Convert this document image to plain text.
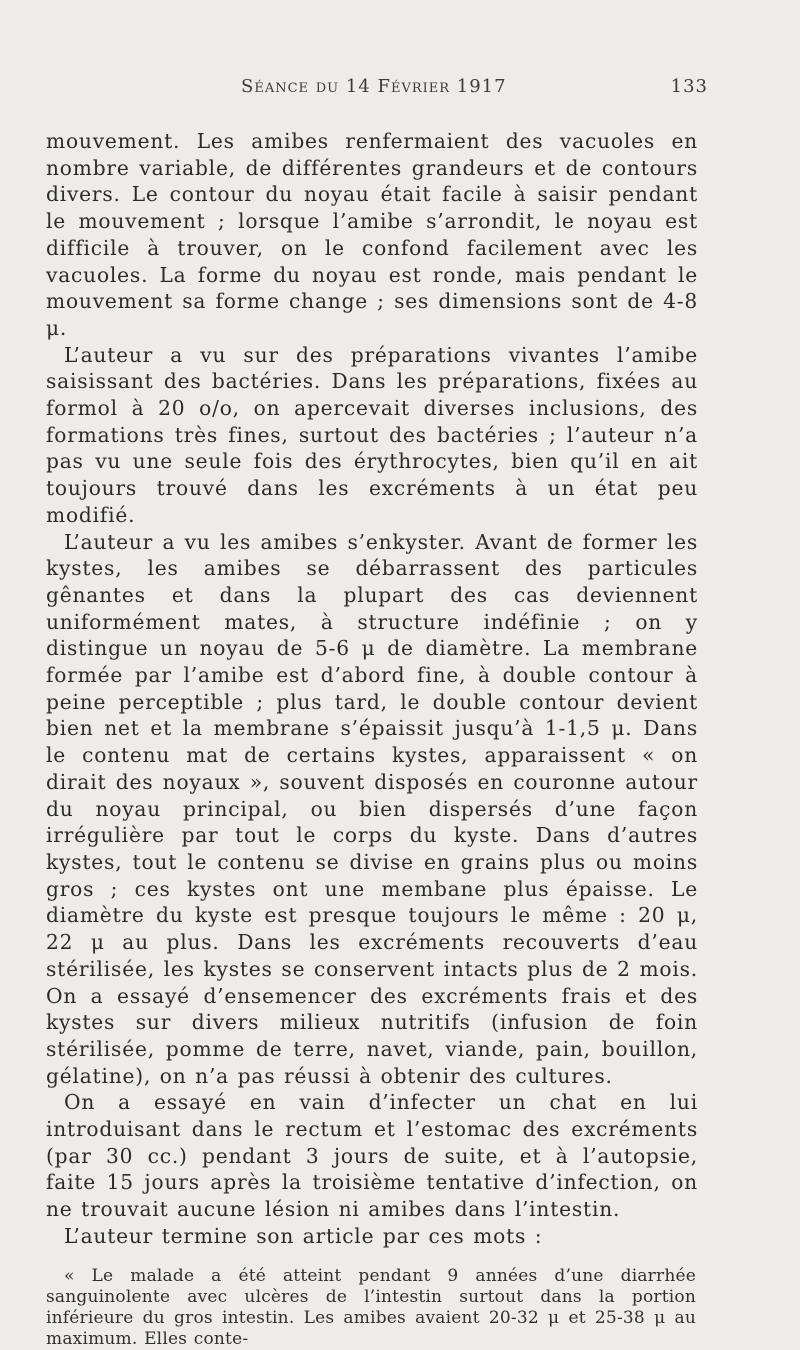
Séance du 14 Février 1917	133

mouvement. Les amibes renfermaient des vacuoles en nombre variable, de différentes grandeurs et de contours divers. Le contour du noyau était facile à saisir pendant le mouvement ; lorsque l’amibe s’arrondit, le noyau est difficile à trouver, on le confond facilement avec les vacuoles. La forme du noyau est ronde, mais pendant le mouvement sa forme change ; ses dimensions sont de 4-8 μ.

L’auteur a vu sur des préparations vivantes l’amibe saisissant des bactéries. Dans les préparations, fixées au formol à 20 o/o, on apercevait diverses inclusions, des formations très fines, surtout des bactéries ; l’auteur n’a pas vu une seule fois des érythrocytes, bien qu’il en ait toujours trouvé dans les excréments à un état peu modifié.

L’auteur a vu les amibes s’enkyster. Avant de former les kystes, les amibes se débarrassent des particules gênantes et dans la plupart des cas deviennent uniformément mates, à structure indéfinie ; on y distingue un noyau de 5-6 μ de diamètre. La membrane formée par l’amibe est d’abord fine, à double contour à peine perceptible ; plus tard, le double contour devient bien net et la membrane s’épaissit jusqu’à 1-1,5 μ. Dans le contenu mat de certains kystes, apparaissent « on dirait des noyaux », souvent disposés en couronne autour du noyau principal, ou bien dispersés d’une façon irrégulière par tout le corps du kyste. Dans d’autres kystes, tout le contenu se divise en grains plus ou moins gros ; ces kystes ont une membane plus épaisse. Le diamètre du kyste est presque toujours le même : 20 μ, 22 μ au plus. Dans les excréments recouverts d’eau stérilisée, les kystes se conservent intacts plus de 2 mois. On a essayé d’ensemencer des excréments frais et des kystes sur divers milieux nutritifs (infusion de foin stérilisée, pomme de terre, navet, viande, pain, bouillon, gélatine), on n’a pas réussi à obtenir des cultures.

On a essayé en vain d’infecter un chat en lui introduisant dans le rectum et l’estomac des excréments (par 30 cc.) pendant 3 jours de suite, et à l’autopsie, faite 15 jours après la troisième tentative d’infection, on ne trouvait aucune lésion ni amibes dans l’intestin.

L’auteur termine son article par ces mots :

« Le malade a été atteint pendant 9 années d’une diarrhée sanguinolente avec ulcères de l’intestin surtout dans la portion inférieure du gros intestin. Les amibes avaient 20-32 μ et 25-38 μ au maximum. Elles conte-
